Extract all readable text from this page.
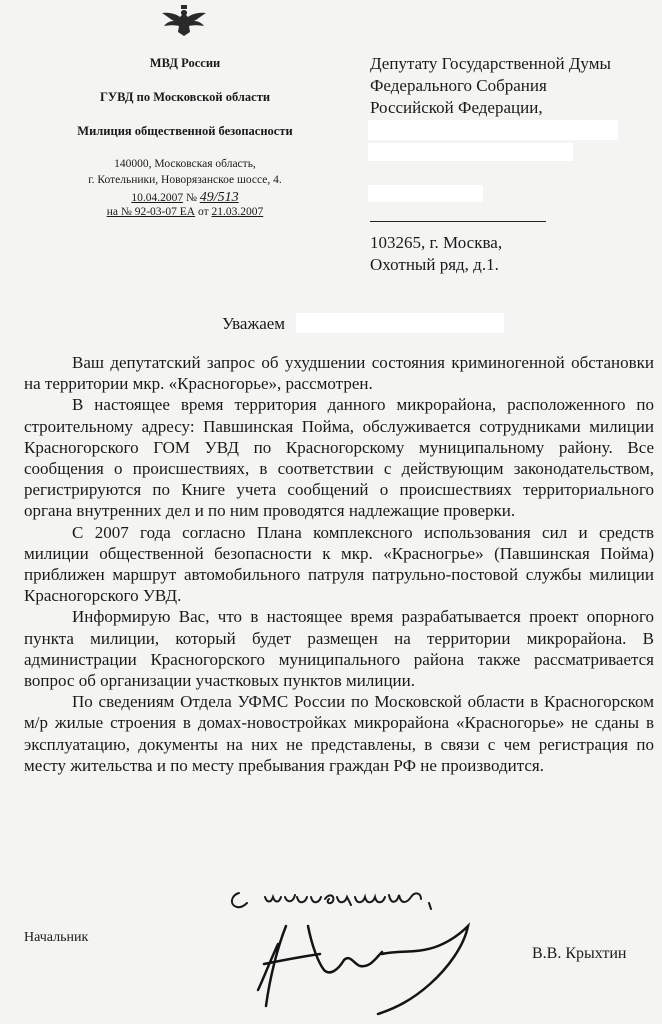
МВД России
ГУВД по Московской области
Милиция общественной безопасности
140000, Московская область,
г. Котельники, Новорязанское шоссе, 4.
10.04.2007 № 49/513
на № 92-03-07 ЕА от 21.03.2007
Депутату Государственной Думы
Федерального Собрания
Российской Федерации,
103265, г. Москва,
Охотный ряд, д.1.
Уважаем

Ваш депутатский запрос об ухудшении состояния криминогенной обстановки на территории мкр. «Красногорье», рассмотрен.

В настоящее время территория данного микрорайона, расположенного по строительному адресу: Павшинская Пойма, обслуживается сотрудниками милиции Красногорского ГОМ УВД по Красногорскому муниципальному району. Все сообщения о происшествиях, в соответствии с действующим законодательством, регистрируются по Книге учета сообщений о происшествиях территориального органа внутренних дел и по ним проводятся надлежащие проверки.

С 2007 года согласно Плана комплексного использования сил и средств милиции общественной безопасности к мкр. «Красногрье» (Павшинская Пойма) приближен маршрут автомобильного патруля патрульно-постовой службы милиции Красногорского УВД.

Информирую Вас, что в настоящее время разрабатывается проект опорного пункта милиции, который будет размещен на территории микрорайона. В администрации Красногорского муниципального района также рассматривается вопрос об организации участковых пунктов милиции.

По сведениям Отдела УФМС России по Московской области в Красногорском м/р жилые строения в домах-новостройках микрорайона «Красногорье» не сданы в эксплуатацию, документы на них не представлены, в связи с чем регистрация по месту жительства и по месту пребывания граждан РФ не производится.

Начальник
В.В. Крыхтин
